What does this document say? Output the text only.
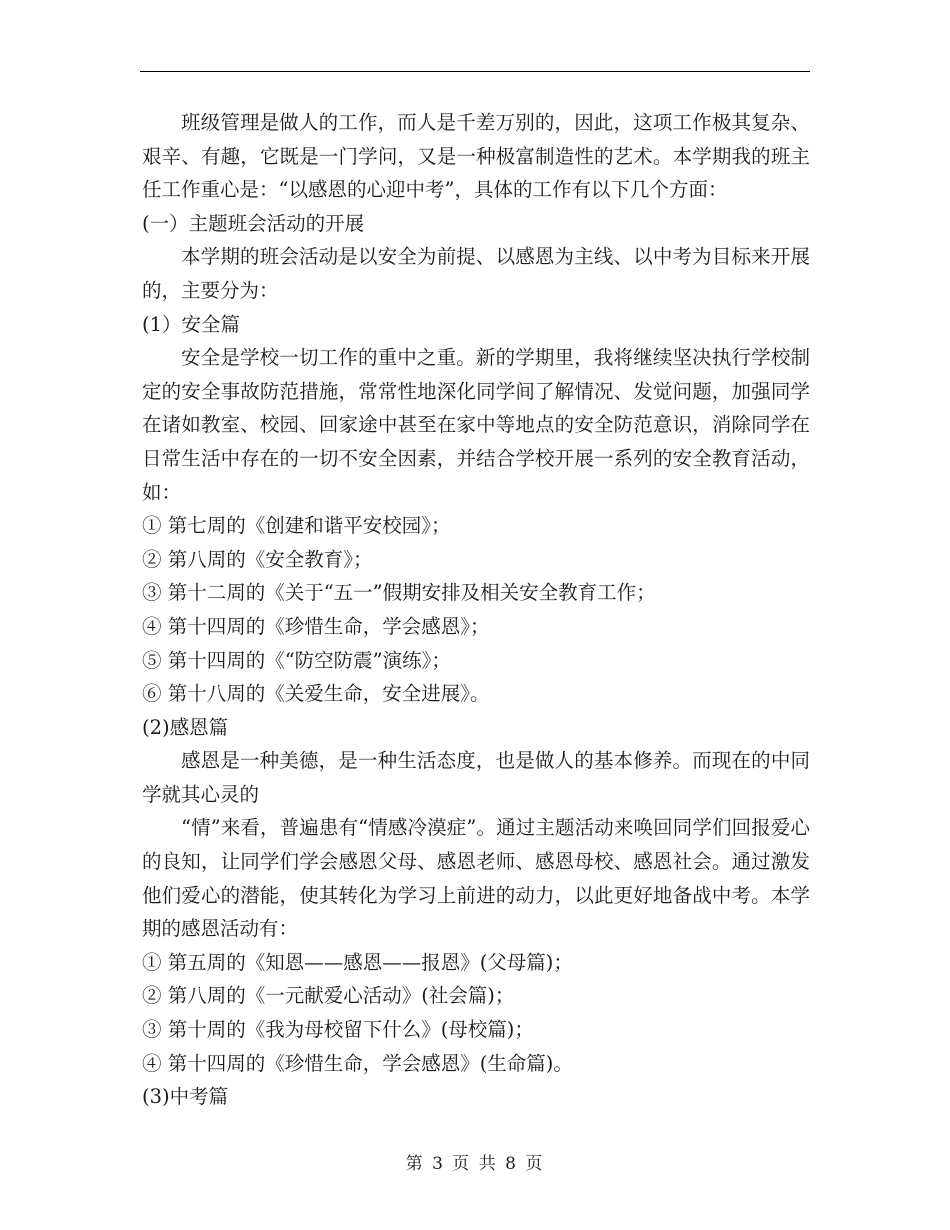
班级管理是做人的工作，而人是千差万别的，因此，这项工作极其复杂、艰辛、有趣，它既是一门学问，又是一种极富制造性的艺术。本学期我的班主任工作重心是：“以感恩的心迎中考”，具体的工作有以下几个方面：

(一）主题班会活动的开展

本学期的班会活动是以安全为前提、以感恩为主线、以中考为目标来开展的，主要分为：

(1）安全篇

安全是学校一切工作的重中之重。新的学期里，我将继续坚决执行学校制定的安全事故防范措施，常常性地深化同学间了解情况、发觉问题，加强同学在诸如教室、校园、回家途中甚至在家中等地点的安全防范意识，消除同学在日常生活中存在的一切不安全因素，并结合学校开展一系列的安全教育活动，如：

① 第七周的《创建和谐平安校园》；

② 第八周的《安全教育》；

③ 第十二周的《关于“五一”假期安排及相关安全教育工作；

④ 第十四周的《珍惜生命，学会感恩》；

⑤ 第十四周的《“防空防震”演练》；

⑥ 第十八周的《关爱生命，安全进展》。

(2)感恩篇

感恩是一种美德，是一种生活态度，也是做人的基本修养。而现在的中同学就其心灵的

“情”来看，普遍患有“情感冷漠症”。通过主题活动来唤回同学们回报爱心的良知，让同学们学会感恩父母、感恩老师、感恩母校、感恩社会。通过激发他们爱心的潜能，使其转化为学习上前进的动力，以此更好地备战中考。本学期的感恩活动有：

① 第五周的《知恩——感恩——报恩》(父母篇)；

② 第八周的《一元献爱心活动》(社会篇)；

③ 第十周的《我为母校留下什么》(母校篇)；

④ 第十四周的《珍惜生命，学会感恩》(生命篇)。

(3)中考篇

第 3 页 共 8 页
